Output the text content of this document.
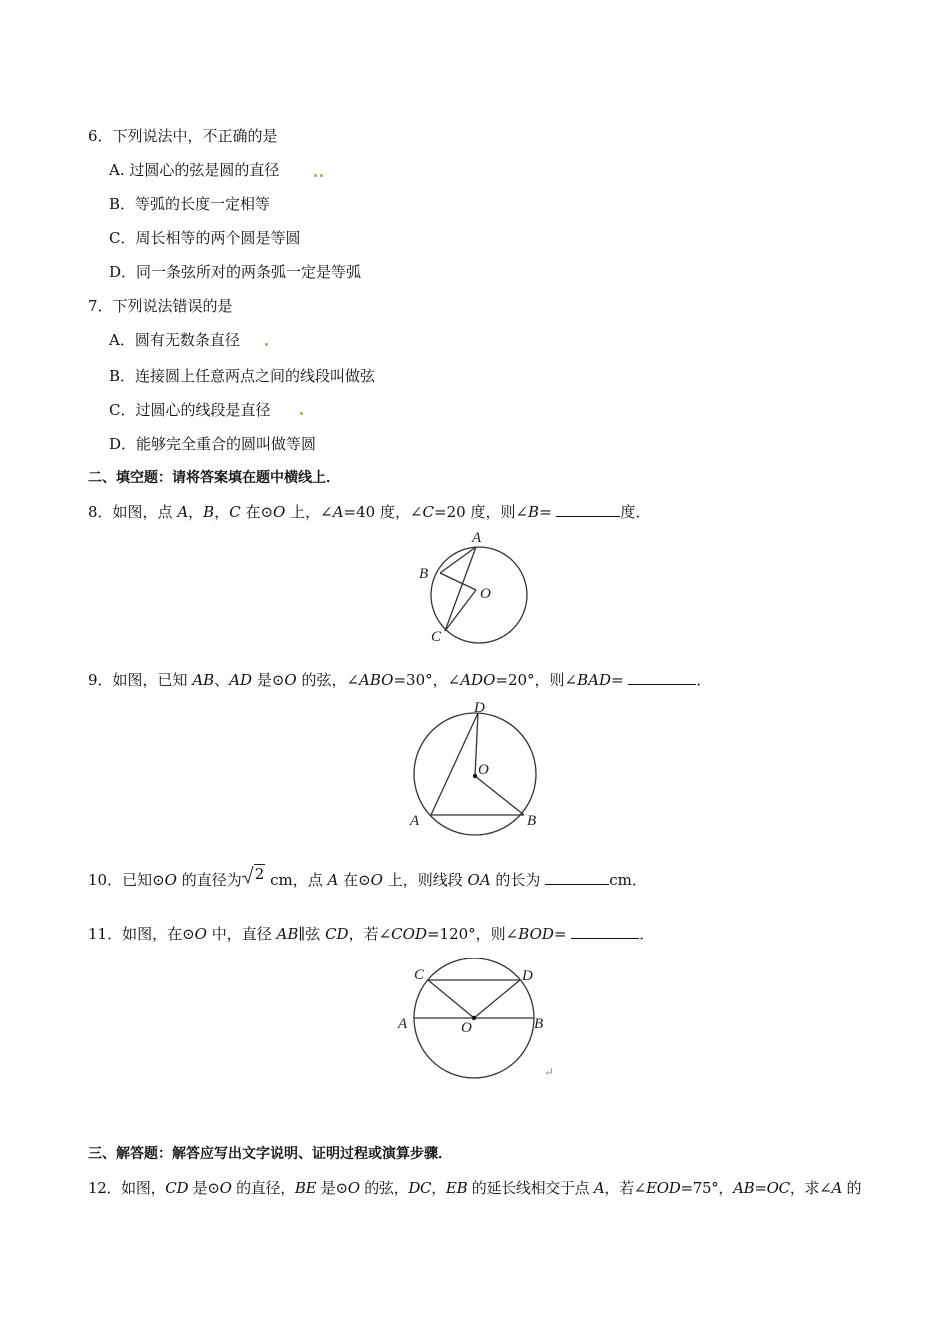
6．下列说法中，不正确的是
A. 过圆心的弦是圆的直径
B．等弧的长度一定相等
C．周长相等的两个圆是等圆
D．同一条弦所对的两条弧一定是等弧
7．下列说法错误的是
A．圆有无数条直径
B．连接圆上任意两点之间的线段叫做弦
C．过圆心的线段是直径
D．能够完全重合的圆叫做等圆
二、填空题：请将答案填在题中横线上．
8．如图，点 A，B，C 在⊙O 上，∠A=40 度，∠C=20 度，则∠B=	度．
A
B
C
O
9．如图，已知 AB、AD 是⊙O 的弦，∠ABO=30°，∠ADO=20°，则∠BAD=	．
D
O
A	B
10．已知⊙O 的直径为 2 cm，点 A 在⊙O 上，则线段 OA 的长为	cm．
11．如图，在⊙O 中，直径 AB∥弦 CD，若∠COD=120°，则∠BOD=	．
C	D
A	B
O
↵
三、解答题：解答应写出文字说明、证明过程或演算步骤．
12．如图，CD 是⊙O 的直径，BE 是⊙O 的弦，DC，EB 的延长线相交于点 A，若∠EOD=75°，AB=OC，求∠A 的
